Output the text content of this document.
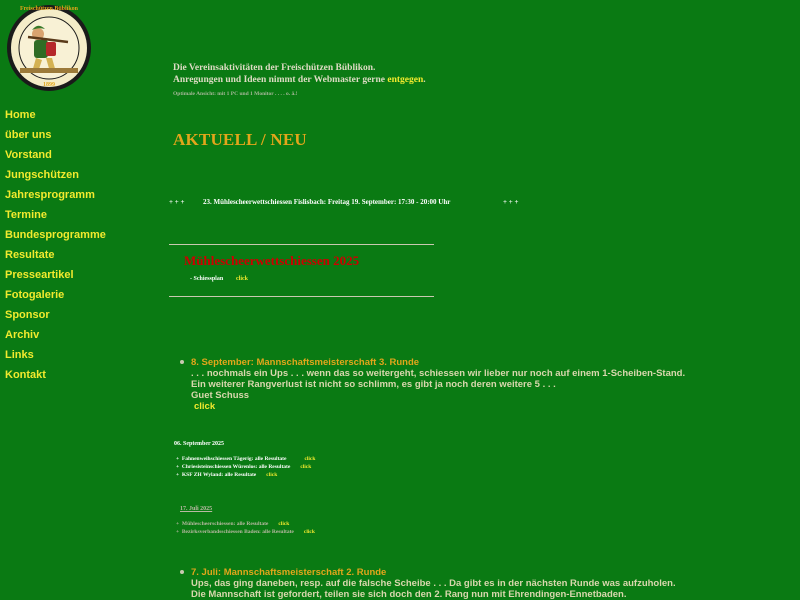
Freischützen Büblikon
1899
Home
über uns
Vorstand
Jungschützen
Jahresprogramm
Termine
Bundesprogramme
Resultate
Presseartikel
Fotogalerie
Sponsor
Archiv
Links
Kontakt
Die Vereinsaktivitäten der Freischützen Büblikon.
Anregungen und Ideen nimmt der Webmaster gerne entgegen.
Optimale Ansicht: mit 1 PC und 1 Monitor . . . . o. ä.!
AKTUELL / NEU
+ + +	23. Mühlescheerwettschiessen Fislisbach: Freitag 19. September: 17:30 - 20:00 Uhr	+ + +
Mühlescheerwettschiessen 2025
- Schiessplan click
8. September: Mannschaftsmeisterschaft 3. Runde
. . . nochmals ein Ups . . . wenn das so weitergeht, schiessen wir lieber nur noch auf einem 1-Scheiben-Stand.
Ein weiterer Rangverlust ist nicht so schlimm, es gibt ja noch deren weitere 5 . . .
Guet Schuss
click
06. September 2025
+  Fahnenweihschiessen Tägerig: alle Resultate	click
+  Chriesisteinschiessen Würenlos: alle Resultate click
+  KSF ZH Wyland: alle Resultate click
17. Juli 2025
+  Mühlescheerschiessen: alle Resultate click
+  Bezirksverbandsschiessen Baden: alle Resultate click
7. Juli: Mannschaftsmeisterschaft 2. Runde
Ups, das ging daneben, resp. auf die falsche Scheibe . . . Da gibt es in der nächsten Runde was aufzuholen.
Die Mannschaft ist gefordert, teilen sie sich doch den 2. Rang nun mit Ehrendingen-Ennetbaden.
